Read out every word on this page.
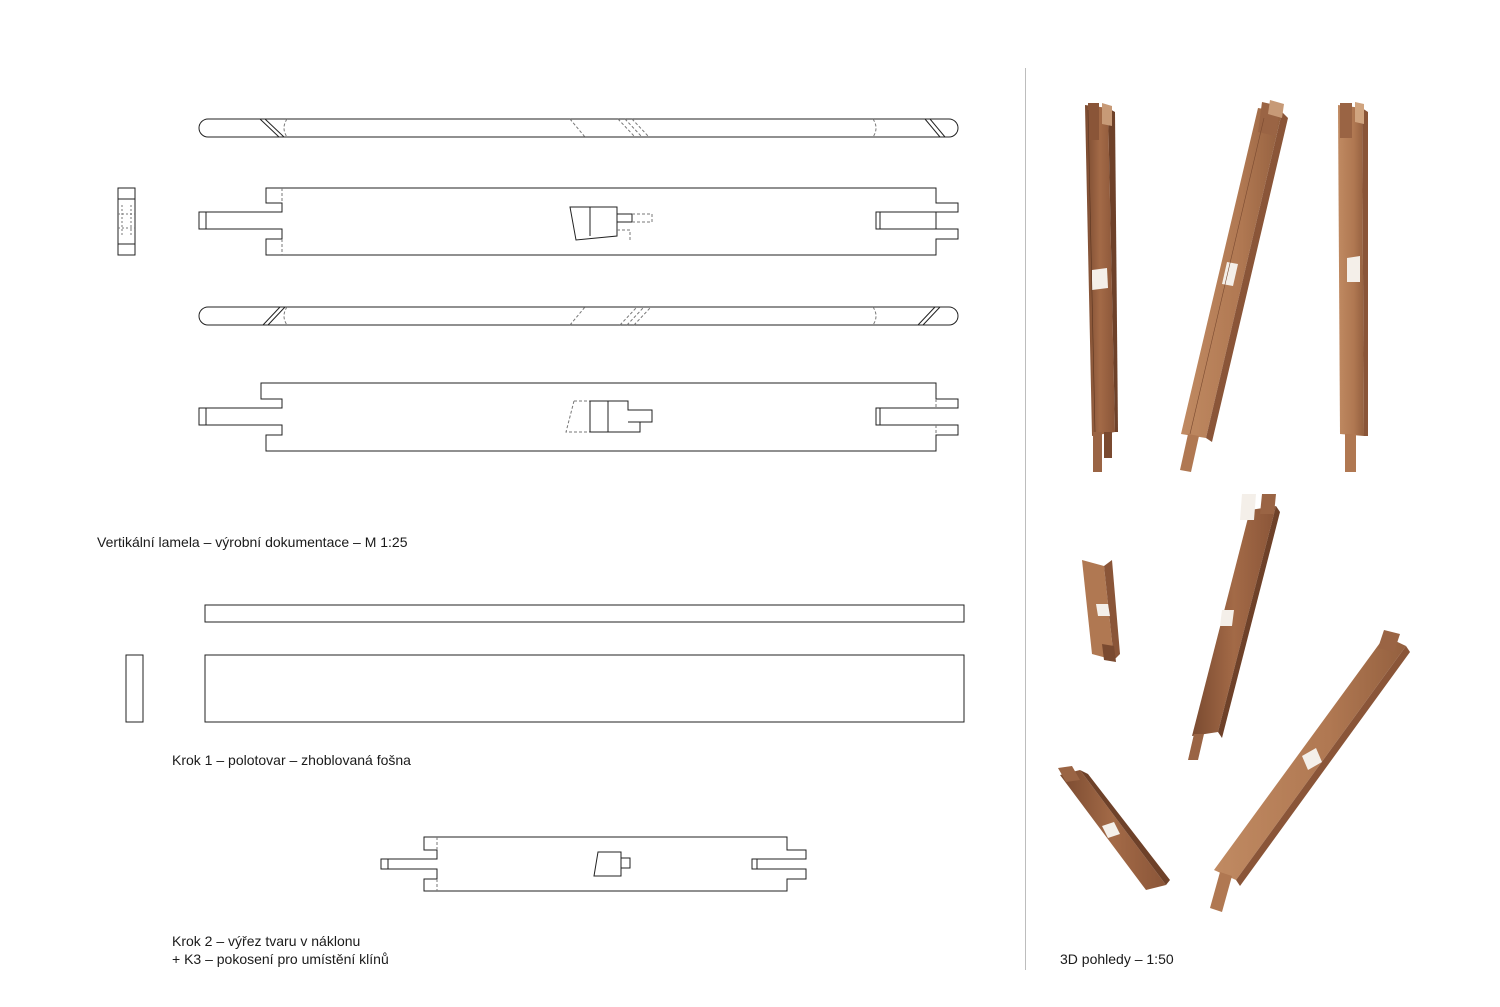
Vertikální lamela – výrobní dokumentace – M 1:25
Krok 1 – polotovar – zhoblovaná fošna
Krok 2 – výřez tvaru v náklonu
+ K3 – pokosení pro umístění klínů	3D pohledy – 1:50
